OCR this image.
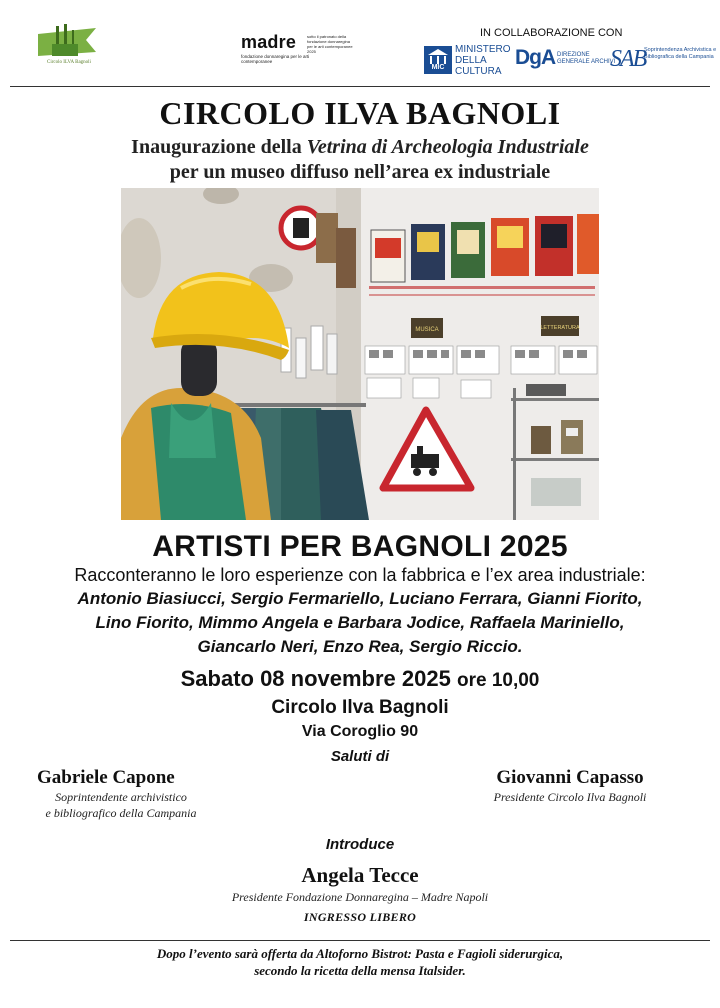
Circolo ILVA Bagnoli
madre
fondazione donnaregina per le arti contemporanee
sotto il patronato della fondazione donnaregina per le arti contemporanee 2025
IN COLLABORAZIONE CON
MIC
MINISTERO
DELLA
CULTURA
DgA DIREZIONE GENERALE ARCHIVI
SAB
Soprintendenza Archivistica e Bibliografica della Campania
CIRCOLO ILVA BAGNOLI
Inaugurazione della Vetrina di Archeologia Industriale
per un museo diffuso nell’area ex industriale
MUSICA	LETTERATURA
ARTISTI PER BAGNOLI 2025
Racconteranno le loro esperienze con la fabbrica e l’ex area industriale:
Antonio Biasiucci, Sergio Fermariello, Luciano Ferrara, Gianni Fiorito,
Lino Fiorito, Mimmo Angela e Barbara Jodice, Raffaela Mariniello,
Giancarlo Neri, Enzo Rea, Sergio Riccio.
Sabato 08 novembre 2025 ore 10,00
Circolo Ilva Bagnoli
Via Coroglio 90
Saluti di
Gabriele Capone
Soprintendente archivistico
e bibliografico della Campania
Giovanni Capasso
Presidente Circolo Ilva Bagnoli
Introduce
Angela Tecce
Presidente Fondazione Donnaregina – Madre Napoli
INGRESSO LIBERO
Dopo l’evento sarà offerta da Altoforno Bistrot: Pasta e Fagioli siderurgica,
secondo la ricetta della mensa Italsider.
